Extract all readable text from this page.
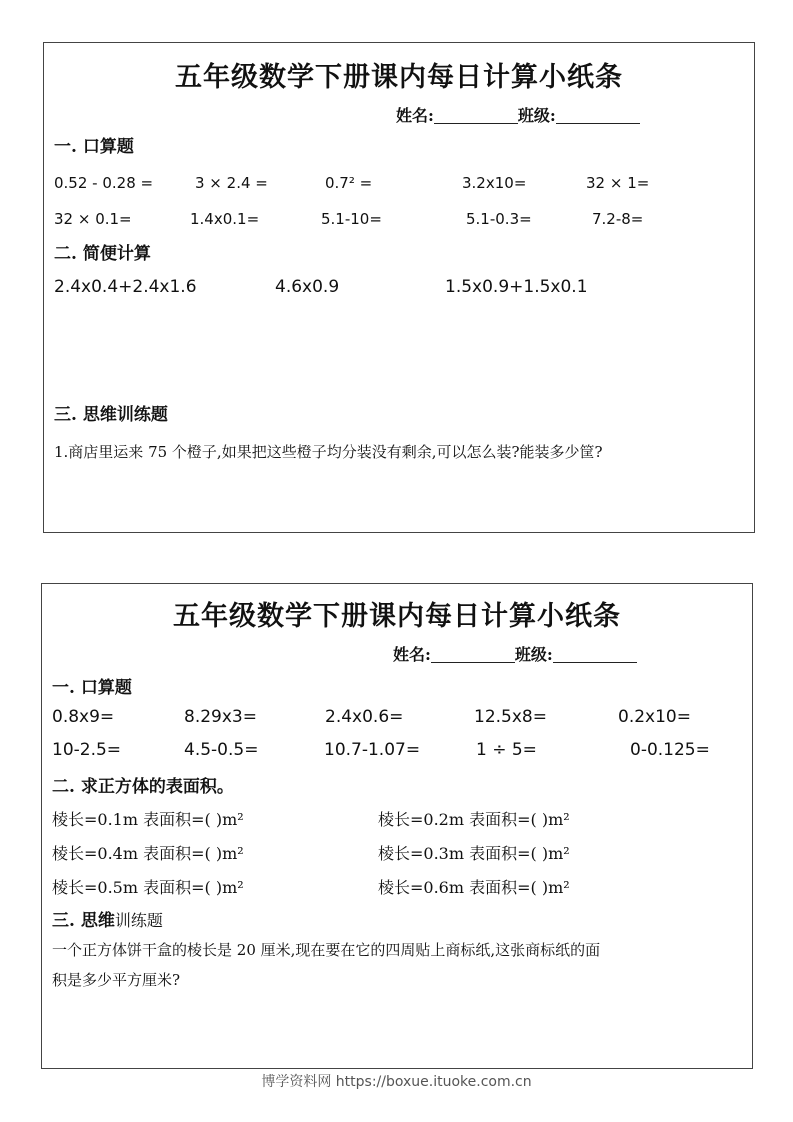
五年级数学下册课内每日计算小纸条
姓名:	班级:
一. 口算题
0.52 - 0.28 =	3 × 2.4 =	0.7² =	3.2x10=	32 × 1=
32 × 0.1=	1.4x0.1=	5.1-10=	5.1-0.3=	7.2-8=
二. 简便计算
2.4x0.4+2.4x1.6	4.6x0.9	1.5x0.9+1.5x0.1
三. 思维训练题
1.商店里运来 75 个橙子,如果把这些橙子均分装没有剩余,可以怎么装?能装多少筐?
五年级数学下册课内每日计算小纸条
姓名:	班级:
一. 口算题
0.8x9=	8.29x3=	2.4x0.6=	12.5x8=	0.2x10=
10-2.5=	4.5-0.5=	10.7-1.07=	1 ÷ 5=	0-0.125=
二. 求正方体的表面积。
棱长=0.1m 表面积=( )m²	棱长=0.2m 表面积=( )m²
棱长=0.4m 表面积=( )m²	棱长=0.3m 表面积=( )m²
棱长=0.5m 表面积=( )m²	棱长=0.6m 表面积=( )m²
三. 思维训练题
一个正方体饼干盒的棱长是 20 厘米,现在要在它的四周贴上商标纸,这张商标纸的面
积是多少平方厘米?
博学资料网 https://boxue.ituoke.com.cn
